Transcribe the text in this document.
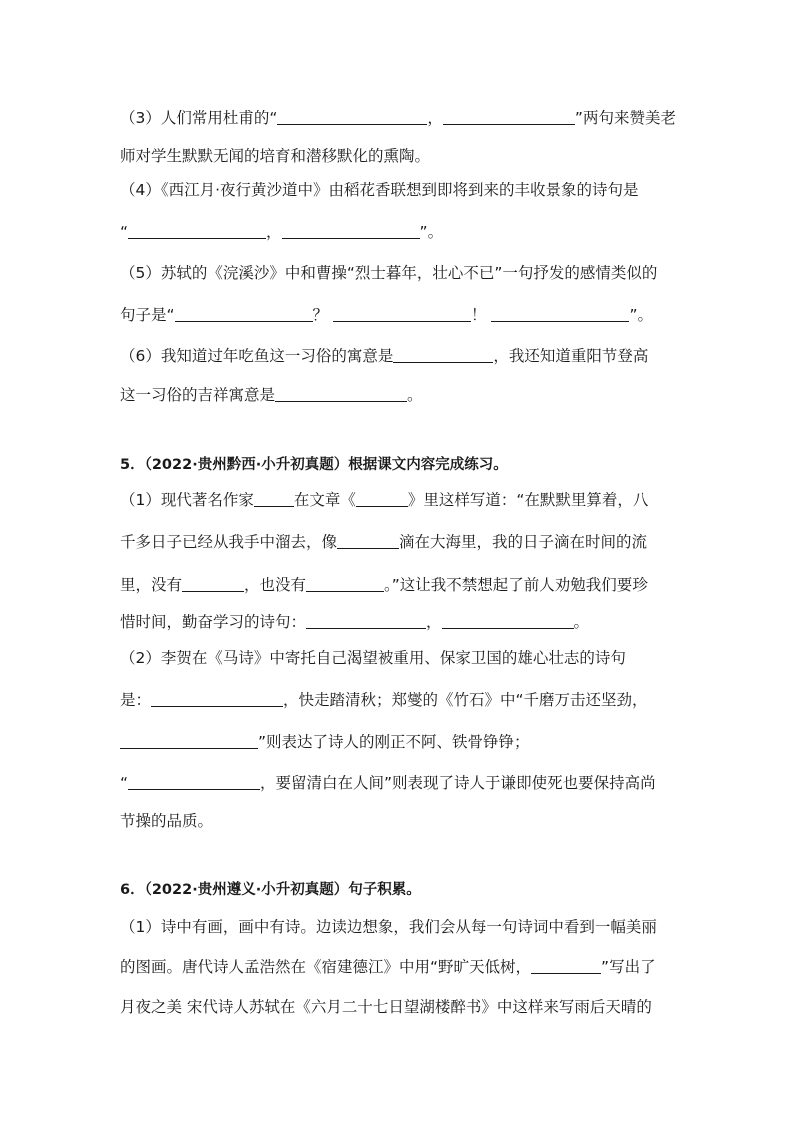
（3）人们常用杜甫的“	，	”两句来赞美老
师对学生默默无闻的培育和潜移默化的熏陶。
（4）《西江月·夜行黄沙道中》由稻花香联想到即将到来的丰收景象的诗句是
“	，	”。
（5）苏轼的《浣溪沙》中和曹操“烈士暮年，壮心不已”一句抒发的感情类似的
句子是“	？	！	”。
（6）我知道过年吃鱼这一习俗的寓意是	，我还知道重阳节登高
这一习俗的吉祥寓意是	。
5．（2022·贵州黔西·小升初真题）根据课文内容完成练习。
（1）现代著名作家	在文章《	》里这样写道：“在默默里算着，八
千多日子已经从我手中溜去，像	滴在大海里，我的日子滴在时间的流
里，没有	，也没有	。”这让我不禁想起了前人劝勉我们要珍
惜时间，勤奋学习的诗句：	，	。
（2）李贺在《马诗》中寄托自己渴望被重用、保家卫国的雄心壮志的诗句
是：	，快走踏清秋；郑燮的《竹石》中“千磨万击还坚劲，
”则表达了诗人的刚正不阿、铁骨铮铮；
“	，要留清白在人间”则表现了诗人于谦即使死也要保持高尚
节操的品质。
6．（2022·贵州遵义·小升初真题）句子积累。
（1）诗中有画，画中有诗。边读边想象，我们会从每一句诗词中看到一幅美丽
的图画。唐代诗人孟浩然在《宿建德江》中用“野旷天低树，	”写出了
月夜之美 宋代诗人苏轼在《六月二十七日望湖楼醉书》中这样来写雨后天晴的
